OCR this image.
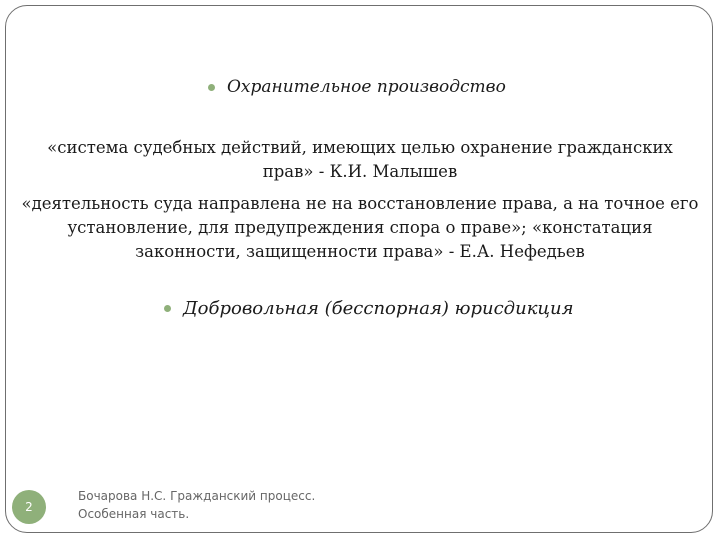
Охранительное производство
«система судебных действий, имеющих целью охранение гражданских прав» - К.И. Малышев
«деятельность суда направлена не на восстановление права, а на точное его установление, для предупреждения спора о праве»; «констатация законности, защищенности права» - Е.А. Нефедьев
Добровольная (бесспорная) юрисдикция
2
Бочарова Н.С. Гражданский процесс.
Особенная часть.
